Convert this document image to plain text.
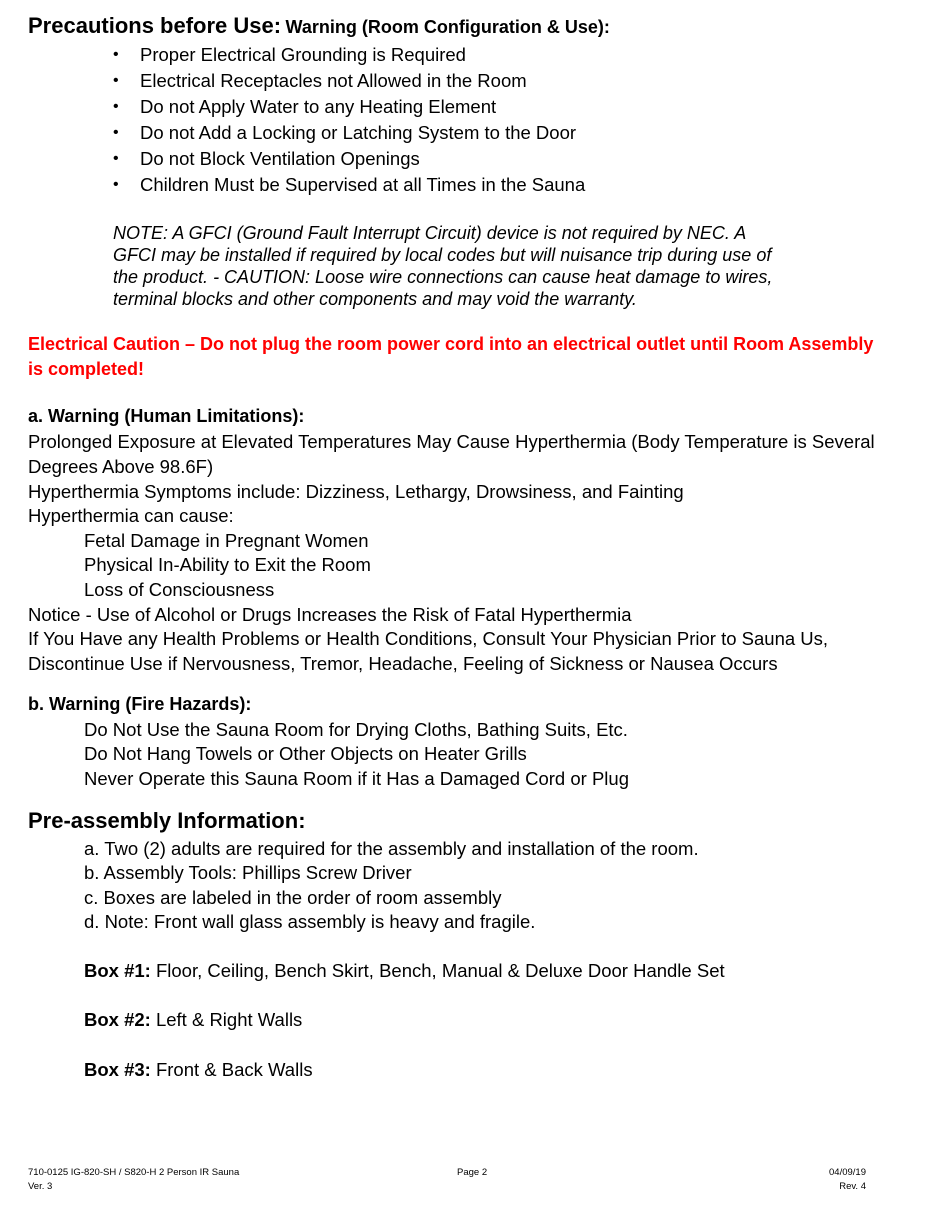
Precautions before Use: Warning (Room Configuration & Use):
• Proper Electrical Grounding is Required
• Electrical Receptacles not Allowed in the Room
• Do not Apply Water to any Heating Element
• Do not Add a Locking or Latching System to the Door
• Do not Block Ventilation Openings
• Children Must be Supervised at all Times in the Sauna
NOTE: A GFCI (Ground Fault Interrupt Circuit) device is not required by NEC. A
GFCI may be installed if required by local codes but will nuisance trip during use of
the product. - CAUTION: Loose wire connections can cause heat damage to wires,
terminal blocks and other components and may void the warranty.
Electrical Caution – Do not plug the room power cord into an electrical outlet until Room Assembly
is completed!
a. Warning (Human Limitations):
Prolonged Exposure at Elevated Temperatures May Cause Hyperthermia (Body Temperature is Several
Degrees Above 98.6F)
Hyperthermia Symptoms include: Dizziness, Lethargy, Drowsiness, and Fainting
Hyperthermia can cause:
Fetal Damage in Pregnant Women
Physical In-Ability to Exit the Room
Loss of Consciousness
Notice - Use of Alcohol or Drugs Increases the Risk of Fatal Hyperthermia
If You Have any Health Problems or Health Conditions, Consult Your Physician Prior to Sauna Us,
Discontinue Use if Nervousness, Tremor, Headache, Feeling of Sickness or Nausea Occurs
b. Warning (Fire Hazards):
Do Not Use the Sauna Room for Drying Cloths, Bathing Suits, Etc.
Do Not Hang Towels or Other Objects on Heater Grills
Never Operate this Sauna Room if it Has a Damaged Cord or Plug
Pre-assembly Information:
a. Two (2) adults are required for the assembly and installation of the room.
b. Assembly Tools: Phillips Screw Driver
c. Boxes are labeled in the order of room assembly
d. Note: Front wall glass assembly is heavy and fragile.
Box #1: Floor, Ceiling, Bench Skirt, Bench, Manual & Deluxe Door Handle Set
Box #2: Left & Right Walls
Box #3: Front & Back Walls
710-0125 IG-820-SH / S820-H 2 Person IR Sauna
Ver. 3
Page 2	04/09/19
Rev. 4
